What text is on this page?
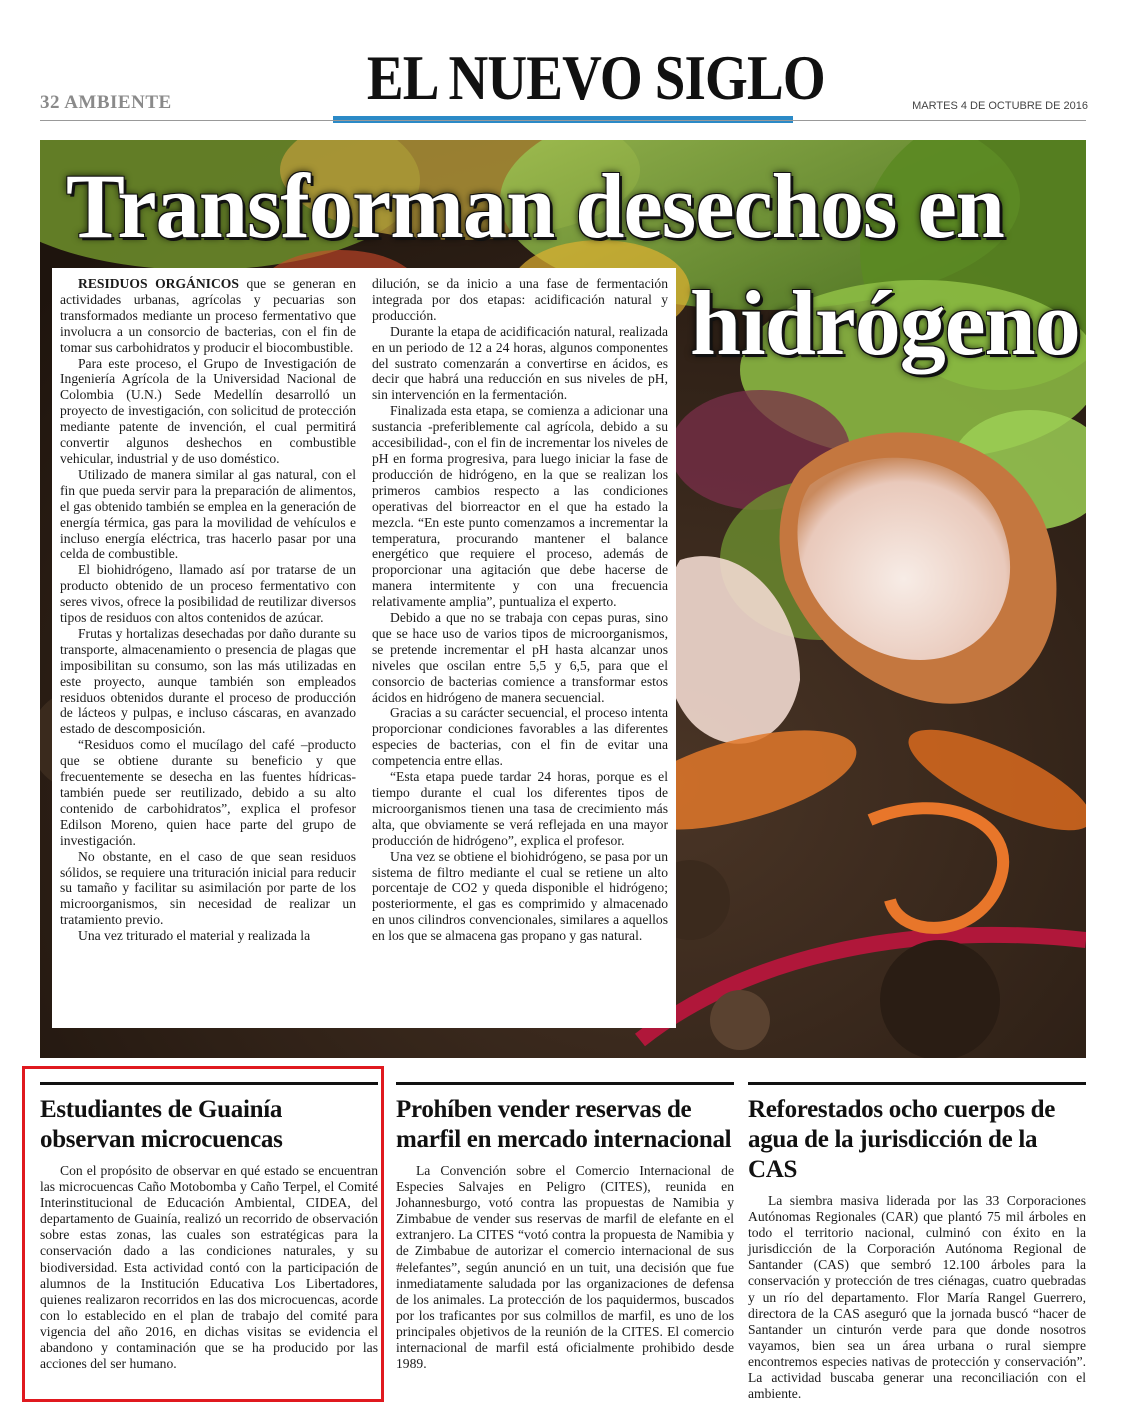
32 AMBIENTE	EL NUEVO SIGLO	MARTES 4 DE OCTUBRE DE 2016
Transforman desechos en
hidrógeno

RESIDUOS ORGÁNICOS que se generan en actividades urbanas, agrícolas y pecuarias son transformados mediante un proceso fermentativo que involucra a un consorcio de bacterias, con el fin de tomar sus carbohidratos y producir el biocombustible.

Para este proceso, el Grupo de Investigación de Ingeniería Agrícola de la Universidad Nacional de Colombia (U.N.) Sede Medellín desarrolló un proyecto de investigación, con solicitud de protección mediante patente de invención, el cual permitirá convertir algunos deshechos en combustible vehicular, industrial y de uso doméstico.

Utilizado de manera similar al gas natural, con el fin que pueda servir para la preparación de alimentos, el gas obtenido también se emplea en la generación de energía térmica, gas para la movilidad de vehículos e incluso energía eléctrica, tras hacerlo pasar por una celda de combustible.

El biohidrógeno, llamado así por tratarse de un producto obtenido de un proceso fermentativo con seres vivos, ofrece la posibilidad de reutilizar diversos tipos de residuos con altos contenidos de azúcar.

Frutas y hortalizas desechadas por daño durante su transporte, almacenamiento o presencia de plagas que imposibilitan su consumo, son las más utilizadas en este proyecto, aunque también son empleados residuos obtenidos durante el proceso de producción de lácteos y pulpas, e incluso cáscaras, en avanzado estado de descomposición.

“Residuos como el mucílago del café –producto que se obtiene durante su beneficio y que frecuentemente se desecha en las fuentes hídricas- también puede ser reutilizado, debido a su alto contenido de carbohidratos”, explica el profesor Edilson Moreno, quien hace parte del grupo de investigación.

No obstante, en el caso de que sean residuos sólidos, se requiere una trituración inicial para reducir su tamaño y facilitar su asimilación por parte de los microorganismos, sin necesidad de realizar un tratamiento previo.

Una vez triturado el material y realizada la

dilución, se da inicio a una fase de fermentación integrada por dos etapas: acidificación natural y producción.

Durante la etapa de acidificación natural, realizada en un periodo de 12 a 24 horas, algunos componentes del sustrato comenzarán a convertirse en ácidos, es decir que habrá una reducción en sus niveles de pH, sin intervención en la fermentación.

Finalizada esta etapa, se comienza a adicionar una sustancia -preferiblemente cal agrícola, debido a su accesibilidad-, con el fin de incrementar los niveles de pH en forma progresiva, para luego iniciar la fase de producción de hidrógeno, en la que se realizan los primeros cambios respecto a las condiciones operativas del biorreactor en el que ha estado la mezcla. “En este punto comenzamos a incrementar la temperatura, procurando mantener el balance energético que requiere el proceso, además de proporcionar una agitación que debe hacerse de manera intermitente y con una frecuencia relativamente amplia”, puntualiza el experto.

Debido a que no se trabaja con cepas puras, sino que se hace uso de varios tipos de microorganismos, se pretende incrementar el pH hasta alcanzar unos niveles que oscilan entre 5,5 y 6,5, para que el consorcio de bacterias comience a transformar estos ácidos en hidrógeno de manera secuencial.

Gracias a su carácter secuencial, el proceso intenta proporcionar condiciones favorables a las diferentes especies de bacterias, con el fin de evitar una competencia entre ellas.

“Esta etapa puede tardar 24 horas, porque es el tiempo durante el cual los diferentes tipos de microorganismos tienen una tasa de crecimiento más alta, que obviamente se verá reflejada en una mayor producción de hidrógeno”, explica el profesor.

Una vez se obtiene el biohidrógeno, se pasa por un sistema de filtro mediante el cual se retiene un alto porcentaje de CO2 y queda disponible el hidrógeno; posteriormente, el gas es comprimido y almacenado en unos cilindros convencionales, similares a aquellos en los que se almacena gas propano y gas natural.

Estudiantes de Guainía observan microcuencas

Con el propósito de observar en qué estado se encuentran las microcuencas Caño Motobomba y Caño Terpel, el Comité Interinstitucional de Educación Ambiental, CIDEA, del departamento de Guainía, realizó un recorrido de observación sobre estas zonas, las cuales son estratégicas para la conservación dado a las condiciones naturales, y su biodiversidad. Esta actividad contó con la participación de alumnos de la Institución Educativa Los Libertadores, quienes realizaron recorridos en las dos microcuencas, acorde con lo establecido en el plan de trabajo del comité para vigencia del año 2016, en dichas visitas se evidencia el abandono y contaminación que se ha producido por las acciones del ser humano.

Prohíben vender reservas de marfil en mercado internacional

La Convención sobre el Comercio Internacional de Especies Salvajes en Peligro (CITES), reunida en Johannesburgo, votó contra las propuestas de Namibia y Zimbabue de vender sus reservas de marfil de elefante en el extranjero. La CITES “votó contra la propuesta de Namibia y de Zimbabue de autorizar el comercio internacional de sus #elefantes”, según anunció en un tuit, una decisión que fue inmediatamente saludada por las organizaciones de defensa de los animales. La protección de los paquidermos, buscados por los traficantes por sus colmillos de marfil, es uno de los principales objetivos de la reunión de la CITES. El comercio internacional de marfil está oficialmente prohibido desde 1989.

Reforestados ocho cuerpos de agua de la jurisdicción de la CAS

La siembra masiva liderada por las 33 Corporaciones Autónomas Regionales (CAR) que plantó 75 mil árboles en todo el territorio nacional, culminó con éxito en la jurisdicción de la Corporación Autónoma Regional de Santander (CAS) que sembró 12.100 árboles para la conservación y protección de tres ciénagas, cuatro quebradas y un río del departamento. Flor María Rangel Guerrero, directora de la CAS aseguró que la jornada buscó “hacer de Santander un cinturón verde para que donde nosotros vayamos, bien sea un área urbana o rural siempre encontremos especies nativas de protección y conservación”. La actividad buscaba generar una reconciliación con el ambiente.
